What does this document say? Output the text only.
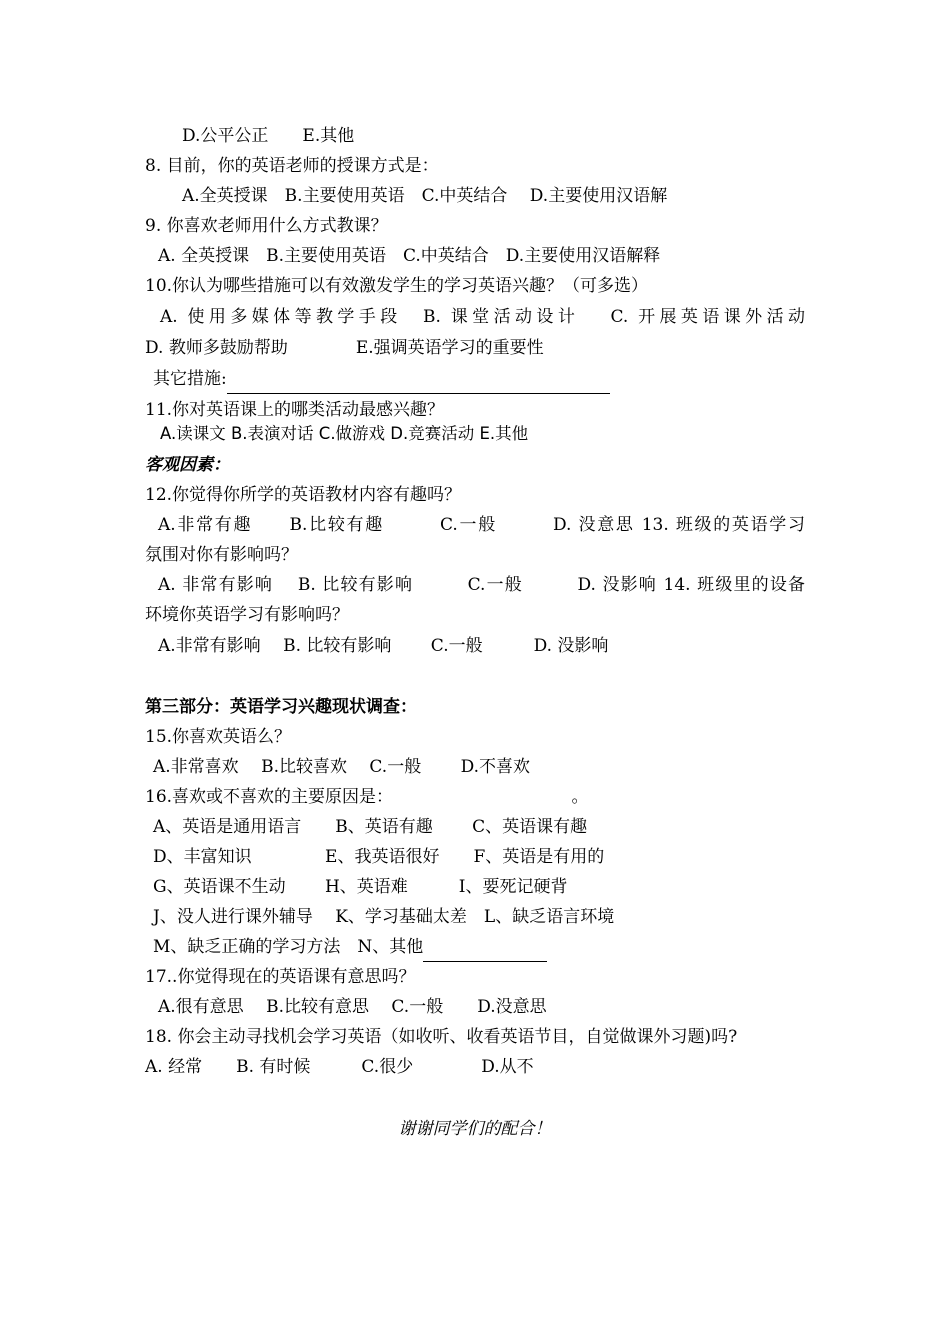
D.公平公正　　E.其他
8. 目前，你的英语老师的授课方式是：
A.全英授课　B.主要使用英语　C.中英结合　 D.主要使用汉语解
9. 你喜欢老师用什么方式教课？
A. 全英授课　B.主要使用英语　C.中英结合　D.主要使用汉语解释
10.你认为哪些措施可以有效激发学生的学习英语兴趣？（可多选）
A. 使用多媒体等教学手段　B. 课堂活动设计　 C. 开展英语课外活动
D. 教师多鼓励帮助　　　　E.强调英语学习的重要性
其它措施:
11.你对英语课上的哪类活动最感兴趣？
A.读课文 B.表演对话 C.做游戏 D.竞赛活动 E.其他
客观因素：
12.你觉得你所学的英语教材内容有趣吗？
A.非常有趣　　B.比较有趣　　　C.一般　　　D. 没意思 13. 班级的英语学习
氛围对你有影响吗？
A. 非常有影响　 B. 比较有影响　　　C.一般　　　D. 没影响 14. 班级里的设备
环境你英语学习有影响吗？
A.非常有影响　 B. 比较有影响　　 C.一般　　　D. 没影响
第三部分：英语学习兴趣现状调查：
15.你喜欢英语么？
A.非常喜欢　 B.比较喜欢　 C.一般　　 D.不喜欢
16.喜欢或不喜欢的主要原因是：　　　　　　　　　　　。
A、英语是通用语言　　B、英语有趣　　 C、英语课有趣
D、丰富知识　　　　 E、我英语很好　　F、英语是有用的
G、英语课不生动　　 H、英语难　　　I、要死记硬背
J、没人进行课外辅导　 K、学习基础太差　L、缺乏语言环境
M、缺乏正确的学习方法　N、其他
17..你觉得现在的英语课有意思吗？
A.很有意思　 B.比较有意思　 C.一般　　D.没意思
18. 你会主动寻找机会学习英语（如收听、收看英语节目，自觉做课外习题)吗?
A. 经常　　B. 有时候　　　C.很少　　　　D.从不
谢谢同学们的配合！
